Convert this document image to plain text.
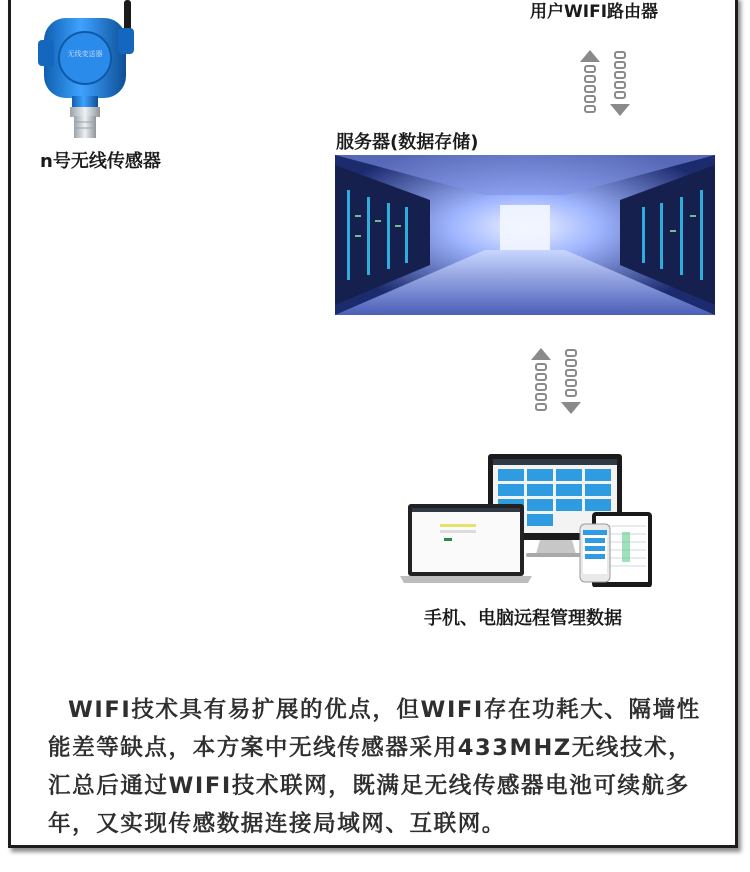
无线变送器
用户WIFI路由器
n号无线传感器
服务器(数据存储)
手机、电脑远程管理数据

WIFI技术具有易扩展的优点，但WIFI存在功耗大、隔墙性能差等缺点，本方案中无线传感器采用433MHZ无线技术，汇总后通过WIFI技术联网，既满足无线传感器电池可续航多年，又实现传感数据连接局域网、互联网。
